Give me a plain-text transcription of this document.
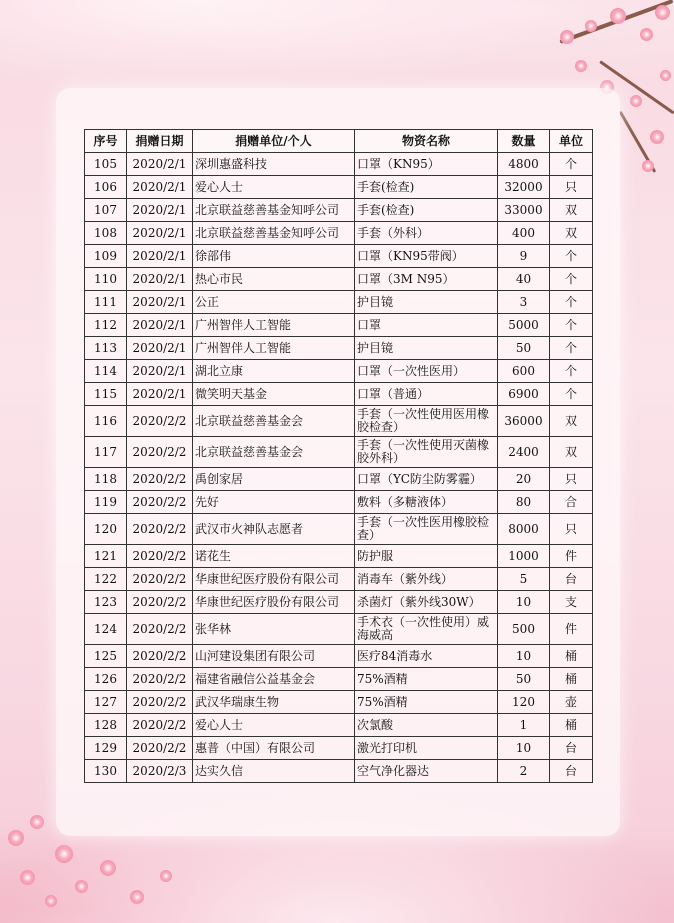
序号	捐赠日期	捐赠单位/个人	物资名称	数量	单位
105	2020/2/1	深圳惠盛科技	口罩（KN95）	4800	个
106	2020/2/1	爱心人士	手套(检查)	32000	只
107	2020/2/1	北京联益慈善基金知呼公司	手套(检查)	33000	双
108	2020/2/1	北京联益慈善基金知呼公司	手套（外科）	400	双
109	2020/2/1	徐部伟	口罩（KN95带阀）	9	个
110	2020/2/1	热心市民	口罩（3M N95）	40	个
111	2020/2/1	公正	护目镜	3	个
112	2020/2/1	广州智伴人工智能	口罩	5000	个
113	2020/2/1	广州智伴人工智能	护目镜	50	个
114	2020/2/1	湖北立康	口罩（一次性医用）	600	个
115	2020/2/1	微笑明天基金	口罩（普通）	6900	个
116	2020/2/2	北京联益慈善基金会	手套（一次性使用医用橡胶检查）	36000	双
117	2020/2/2	北京联益慈善基金会	手套（一次性使用灭菌橡胶外科）	2400	双
118	2020/2/2	禹创家居	口罩（YC防尘防雾霾）	20	只
119	2020/2/2	先好	敷料（多糖液体）	80	合
120	2020/2/2	武汉市火神队志愿者	手套（一次性医用橡胶检查）	8000	只
121	2020/2/2	诺花生	防护服	1000	件
122	2020/2/2	华康世纪医疗股份有限公司	消毒车（紫外线）	5	台
123	2020/2/2	华康世纪医疗股份有限公司	杀菌灯（紫外线30W）	10	支
124	2020/2/2	张华林	手术衣（一次性使用）威海威高	500	件
125	2020/2/2	山河建设集团有限公司	医疗84消毒水	10	桶
126	2020/2/2	福建省融信公益基金会	75%酒精	50	桶
127	2020/2/2	武汉华瑞康生物	75%酒精	120	壶
128	2020/2/2	爱心人士	次氯酸	1	桶
129	2020/2/2	惠普（中国）有限公司	激光打印机	10	台
130	2020/2/3	达实久信	空气净化器达	2	台
